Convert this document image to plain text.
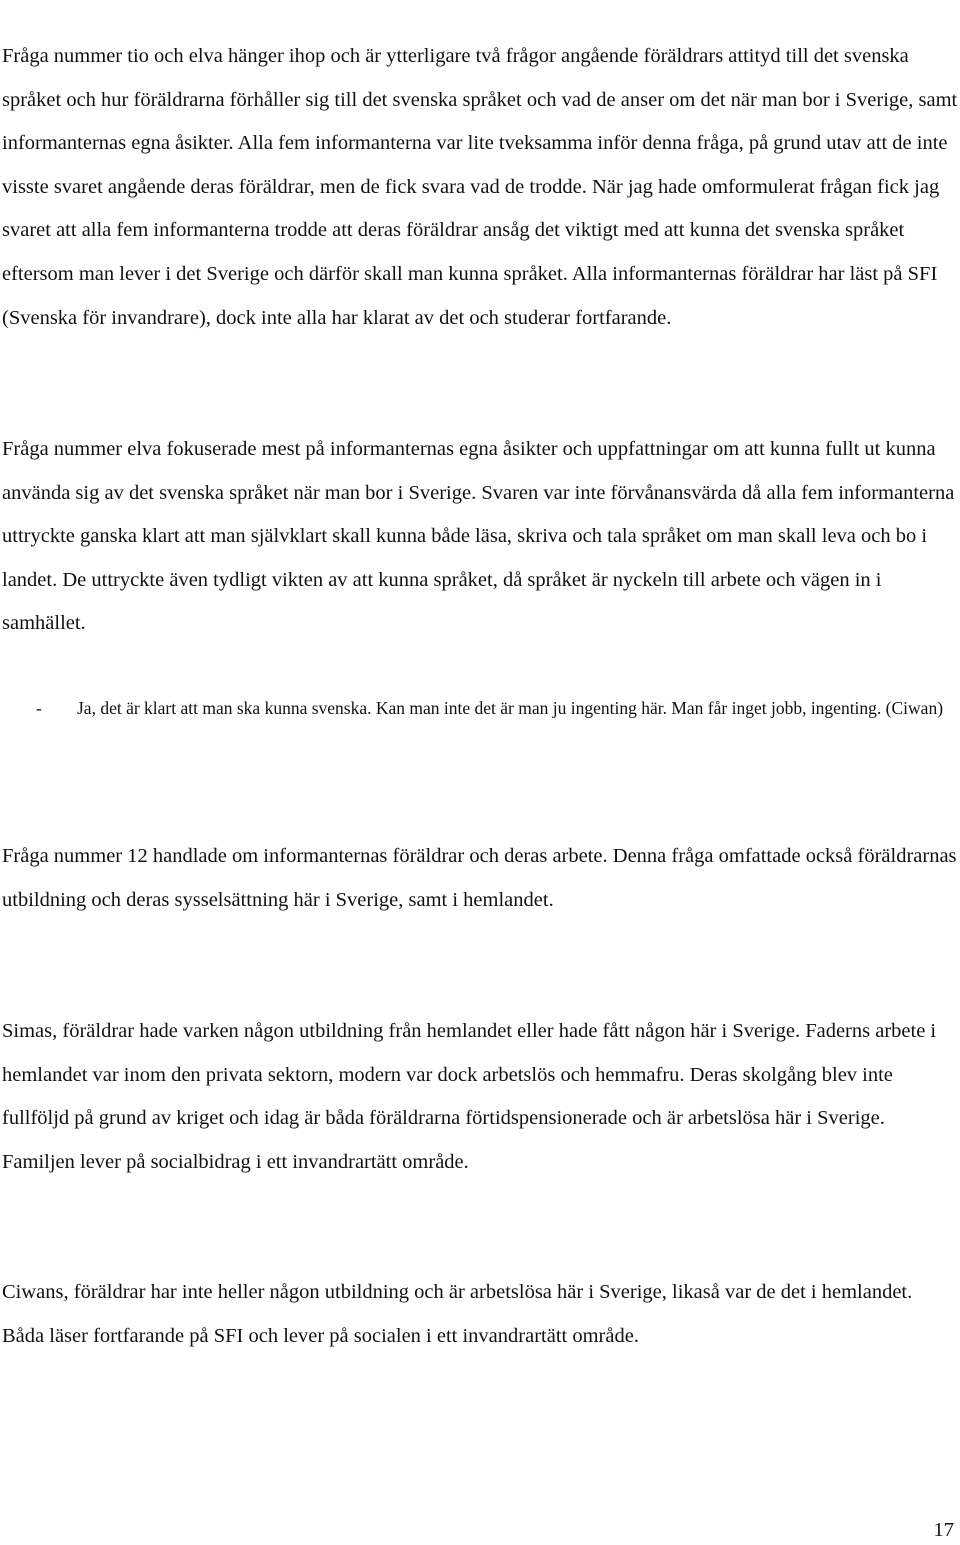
Fråga nummer tio och elva hänger ihop och är ytterligare två frågor angående föräldrars attityd till det svenska språket och hur föräldrarna förhåller sig till det svenska språket och vad de anser om det när man bor i Sverige, samt informanternas egna åsikter. Alla fem informanterna var lite tveksamma inför denna fråga, på grund utav att de inte visste svaret angående deras föräldrar, men de fick svara vad de trodde. När jag hade omformulerat frågan fick jag svaret att alla fem informanterna trodde att deras föräldrar ansåg det viktigt med att kunna det svenska språket eftersom man lever i det Sverige och därför skall man kunna språket. Alla informanternas föräldrar har läst på SFI (Svenska för invandrare), dock inte alla har klarat av det och studerar fortfarande.

Fråga nummer elva fokuserade mest på informanternas egna åsikter och uppfattningar om att kunna fullt ut kunna använda sig av det svenska språket när man bor i Sverige. Svaren var inte förvånansvärda då alla fem informanterna uttryckte ganska klart att man självklart skall kunna både läsa, skriva och tala språket om man skall leva och bo i landet. De uttryckte även tydligt vikten av att kunna språket, då språket är nyckeln till arbete och vägen in i samhället.

- Ja, det är klart att man ska kunna svenska. Kan man inte det är man ju ingenting här. Man får inget jobb, ingenting. (Ciwan)

Fråga nummer 12 handlade om informanternas föräldrar och deras arbete. Denna fråga omfattade också föräldrarnas utbildning och deras sysselsättning här i Sverige, samt i hemlandet.

Simas, föräldrar hade varken någon utbildning från hemlandet eller hade fått någon här i Sverige. Faderns arbete i hemlandet var inom den privata sektorn, modern var dock arbetslös och hemmafru. Deras skolgång blev inte fullföljd på grund av kriget och idag är båda föräldrarna förtidspensionerade och är arbetslösa här i Sverige. Familjen lever på socialbidrag i ett invandrartätt område.

Ciwans, föräldrar har inte heller någon utbildning och är arbetslösa här i Sverige, likaså var de det i hemlandet. Båda läser fortfarande på SFI och lever på socialen i ett invandrartätt område.

17
